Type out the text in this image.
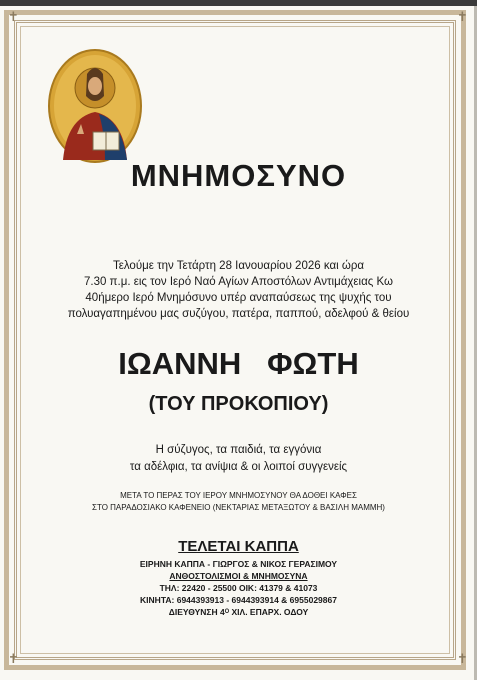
✝	✝
✝	✝
ΜΝΗΜΟΣΥΝΟ
Τελούμε την Τετάρτη 28 Ιανουαρίου 2026 και ώρα
7.30 π.μ. εις τον Ιερό Ναό Αγίων Αποστόλων Αντιμάχειας Κω
40ήμερο Ιερό Μνημόσυνο υπέρ αναπαύσεως της ψυχής του
πολυαγαπημένου μας συζύγου, πατέρα, παππού, αδελφού & θείου
ΙΩΑΝΝΗ   ΦΩΤΗ
(ΤΟΥ ΠΡΟΚΟΠΙΟΥ)
Η σύζυγος, τα παιδιά, τα εγγόνια
τα αδέλφια, τα ανίψια & οι λοιποί συγγενείς
ΜΕΤΑ ΤΟ ΠΕΡΑΣ ΤΟΥ ΙΕΡΟΥ ΜΝΗΜΟΣΥΝΟΥ ΘΑ ΔΟΘΕΙ ΚΑΦΕΣ
ΣΤΟ ΠΑΡΑΔΟΣΙΑΚΟ ΚΑΦΕΝΕΙΟ (ΝΕΚΤΑΡΙΑΣ ΜΕΤΑΞΩΤΟΥ & ΒΑΣΙΛΗ ΜΑΜΜΗ)
ΤΕΛΕΤΑΙ ΚΑΠΠΑ
ΕΙΡΗΝΗ ΚΑΠΠΑ - ΓΙΩΡΓΟΣ & ΝΙΚΟΣ ΓΕΡΑΣΙΜΟΥ
ΑΝΘΟΣΤΟΛΙΣΜΟΙ & ΜΝΗΜΟΣΥΝΑ
ΤΗΛ: 22420 - 25500 ΟΙΚ: 41379 & 41073
ΚΙΝΗΤΑ: 6944393913 - 6944393914 & 6955029867
ΔΙΕΥΘΥΝΣΗ 4ᴼ ΧΙΛ. ΕΠΑΡΧ. ΟΔΟΥ
